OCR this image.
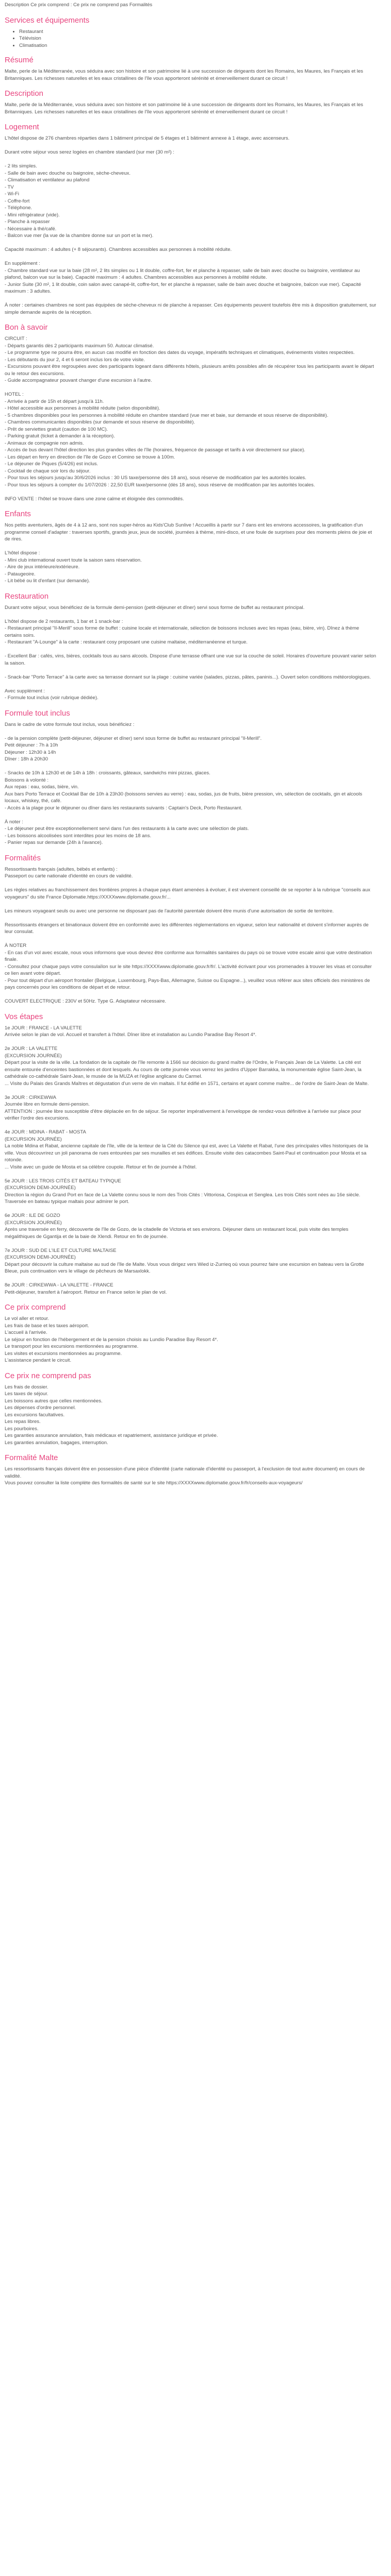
Description Ce prix comprend : Ce prix ne comprend pas Formalités

Services et équipements
• Restaurant
• Télévision
• Climatisation
Résumé

Malte, perle de la Méditerranée, vous séduira avec son histoire et son patrimoine lié à une succession de dirigeants dont les Romains, les Maures, les Français et les Britanniques. Les richesses naturelles et les eaux cristallines de l'île vous apporteront sérénité et émerveillement durant ce circuit !

Description

Malte, perle de la Méditerranée, vous séduira avec son histoire et son patrimoine lié à une succession de dirigeants dont les Romains, les Maures, les Français et les Britanniques. Les richesses naturelles et les eaux cristallines de l'île vous apporteront sérénité et émerveillement durant ce circuit !

Logement
L'hôtel dispose de 276 chambres réparties dans 1 bâtiment principal de 5 étages et 1 bâtiment annexe à 1 étage, avec ascenseurs.
Durant votre séjour vous serez logées en chambre standard (sur mer (30 m²) :
- 2 lits simples.
- Salle de bain avec douche ou baignoire, sèche-cheveux.
- Climatisation et ventilateur au plafond
- TV
- Wi-Fi
- Coffre-fort
- Téléphone.
- Mini réfrigérateur (vide).
- Planche à repasser
- Nécessaire à thé/café.
- Balcon vue mer (la vue de la chambre donne sur un port et la mer).
Capacité maximum : 4 adultes (+ 8 séjourants). Chambres accessibles aux personnes à mobilité réduite.
En supplément :
- Chambre standard vue sur la baie (28 m², 2 lits simples ou 1 lit double, coffre-fort, fer et planche à repasser, salle de bain avec douche ou baignoire, ventilateur au plafond, balcon vue sur la baie). Capacité maximum : 4 adultes. Chambres accessibles aux personnes à mobilité réduite.
- Junior Suite (30 m², 1 lit double, coin salon avec canapé-lit, coffre-fort, fer et planche à repasser, salle de bain avec douche et baignoire, balcon vue mer). Capacité maximum : 3 adultes.
À noter : certaines chambres ne sont pas équipées de sèche-cheveux ni de planche à repasser. Ces équipements peuvent toutefois être mis à disposition gratuitement, sur simple demande auprès de la réception.
Bon à savoir
CIRCUIT :
- Départs garantis dès 2 participants maximum 50. Autocar climatisé.
- Le programme type ne pourra être, en aucun cas modifié en fonction des dates du voyage, impératifs techniques et climatiques, événements visites respectées.
- Les débutants du jour 2, 4 et 6 seront inclus lors de votre visite.
- Excursions pouvant être regroupées avec des participants logeant dans différents hôtels, plusieurs arrêts possibles afin de récupérer tous les participants avant le départ ou le retour des excursions.
- Guide accompagnateur pouvant changer d'une excursion à l'autre.
HOTEL :
- Arrivée à partir de 15h et départ jusqu'à 11h.
- Hôtel accessible aux personnes à mobilité réduite (selon disponibilité).
- 5 chambres disponibles pour les personnes à mobilité réduite en chambre standard (vue mer et baie, sur demande et sous réserve de disponibilité).
- Chambres communicantes disponibles (sur demande et sous réserve de disponibilité).
- Prêt de serviettes gratuit (caution de 100 MC).
- Parking gratuit (ticket à demander à la réception).
- Animaux de compagnie non admis.
- Accès de bus devant l'hôtel direction les plus grandes villes de l'île (horaires, fréquence de passage et tarifs à voir directement sur place).
- Les départ en ferry en direction de l'île de Gozo et Comino se trouve à 100m.
- Le déjeuner de Piques (5/4/26) est inclus.
- Cocktail de chaque soir lors du séjour.
- Pour tous les séjours jusqu'au 30/6/2026 inclus : 30 US taxe/personne dès 18 ans), sous réserve de modification par les autorités locales.
- Pour tous les séjours à compter du 1/07/2026 : 22,50 EUR taxe/personne (dès 18 ans), sous réserve de modification par les autorités locales.
INFO VENTE : l'hôtel se trouve dans une zone calme et éloignée des commodités.
Enfants
Nos petits aventuriers, âgés de 4 à 12 ans, sont nos super-héros au Kids'Club Sunlive ! Accueillis à partir sur 7 dans ent les environs accessoires, la gratification d'un programme conseil d'adapter : traverses sportifs, grands jeux, jeux de société, journées à thème, mini-disco, et une foule de surprises pour des moments pleins de joie et de rires.
L'hôtel dispose :
- Mini club international ouvert toute la saison sans réservation.
- Aire de jeux intérieure/extérieure.
- Pataugeoire.
- Lit bébé ou lit d'enfant (sur demande).
Restauration
Durant votre séjour, vous bénéficiez de la formule demi-pension (petit-déjeuner et dîner) servi sous forme de buffet au restaurant principal.
L'hôtel dispose de 2 restaurants, 1 bar et 1 snack-bar :
- Restaurant principal "Il-Merill" sous forme de buffet : cuisine locale et internationale, sélection de boissons incluses avec les repas (eau, bière, vin). Dînez à thème certains soirs.
- Restaurant "A-Lounge" à la carte : restaurant cosy proposant une cuisine maltaise, méditerranéenne et turque.
- Excellent Bar : cafés, vins, bières, cocktails tous au sans alcools. Dispose d'une terrasse offrant une vue sur la couche de soleil. Horaires d'ouverture pouvant varier selon la saison.
- Snack-bar "Porto Terrace" à la carte avec sa terrasse donnant sur la plage : cuisine variée (salades, pizzas, pâtes, paninis...). Ouvert selon conditions météorologiques.
Avec supplément :
- Formule tout inclus (voir rubrique dédiée).
Formule tout inclus
Dans le cadre de votre formule tout inclus, vous bénéficiez :
- de la pension complète (petit-déjeuner, déjeuner et dîner) servi sous forme de buffet au restaurant principal "Il-Merill".
Petit déjeuner : 7h à 10h
Déjeuner : 12h30 à 14h
Dîner : 18h à 20h30
- Snacks de 10h à 12h30 et de 14h à 18h : croissants, gâteaux, sandwichs mini pizzas, glaces.
Boissons à volonté :
Aux repas : eau, sodas, bière, vin.
Aux bars Porto Terrace et Cocktail Bar de 10h à 23h30 (boissons servies au verre) : eau, sodas, jus de fruits, bière pression, vin, sélection de cocktails, gin et alcools locaux, whiskey, thé, café.
- Accès à la plage pour le déjeuner ou dîner dans les restaurants suivants : Captain's Deck, Porto Restaurant.
À noter :
- Le déjeuner peut être exceptionnellement servi dans l'un des restaurants à la carte avec une sélection de plats.
- Les boissons alcoolisées sont interdites pour les moins de 18 ans.
- Panier repas sur demande (24h à l'avance).
Formalités
Ressortissants français (adultes, bébés et enfants) :
Passeport ou carte nationale d'identité en cours de validité.
Les règles relatives au franchissement des frontières propres à chaque pays étant amenées à évoluer, il est vivement conseillé de se reporter à la rubrique "conseils aux voyageurs" du site France Diplomatie.https://XXXXwww.diplomatie.gouv.fr/...
Les mineurs voyageant seuls ou avec une personne ne disposant pas de l'autorité parentale doivent être munis d'une autorisation de sortie de territoire.
Ressortissants étrangers et binationaux doivent être en conformité avec les différentes réglementations en vigueur, selon leur nationalité et doivent s'informer auprès de leur consulat.
À NOTER
- En cas d'un vol avec escale, nous vous informons que vous devrez être conforme aux formalités sanitaires du pays où se trouve votre escale ainsi que votre destination finale.
- Consultez pour chaque pays votre consulaïlon sur le site https://XXXXwww.diplomatie.gouv.fr/fr/. L'activité écrivant pour vos promenades à trouver les visas et consulter ce lien avant votre départ.
- Pour tout départ d'un aéroport frontalier (Belgique, Luxembourg, Pays-Bas, Allemagne, Suisse ou Espagne...), veuillez vous référer aux sites officiels des ministères de pays concernés pour les conditions de départ et de retour.
COUVERT ELECTRIQUE : 230V et 50Hz. Type G. Adaptateur nécessaire.
Vos étapes
1e JOUR : FRANCE - LA VALETTE
Arrivée selon le plan de vol. Accueil et transfert à l'hôtel. Dîner libre et installation au Lundio Paradise Bay Resort 4*.
2e JOUR : LA VALETTE
(EXCURSION JOURNÉE)
Départ pour la visite de la ville. La fondation de la capitale de l'île remonte à 1566 sur décision du grand maître de l'Ordre, le Français Jean de La Valette. La cité est ensuite entourée d'enceintes bastionnées et dont lesquels. Au cours de cette journée vous verrez les jardins d'Upper Barrakka, la monumentale église Saint-Jean, la cathédrale co-cathédrale Saint-Jean, le musée de la MUZA et l'église anglicane du Carmel.
... Visite du Palais des Grands Maîtres et dégustation d'un verre de vin maltais. Il fut édifié en 1571, certains et ayant comme maître... de l'ordre de Saint-Jean de Malte.
3e JOUR : CIRKEWWA
Journée libre en formule demi-pension.
ATTENTION : journée libre susceptible d'être déplacée en fin de séjour. Se reporter impérativement à l'enveloppe de rendez-vous définitive à l'arrivée sur place pour vérifier l'ordre des excursions.
4e JOUR : MDINA - RABAT - MOSTA
(EXCURSION JOURNÉE)
La noble Mdina et Rabat, ancienne capitale de l'île, ville de la lenteur de la Cité du Silence qui est, avec La Valette et Rabat, l'une des principales villes historiques de la ville. Vous découvrirez un joli panorama de rues entourées par ses murailles et ses édifices. Ensuite visite des catacombes Saint-Paul et continuation pour Mosta et sa rotonde.
... Visite avec un guide de Mosta et sa célèbre coupole. Retour et fin de journée à l'hôtel.
5e JOUR : LES TROIS CITÉS ET BATEAU TYPIQUE
(EXCURSION DEMI-JOURNÉE)
Direction la région du Grand Port en face de La Valette connu sous le nom des Trois Cités : Vittoriosa, Cospicua et Senglea. Les trois Cités sont nées au 16e siècle. Traversée en bateau typique maltais pour admirer le port.
6e JOUR : ILE DE GOZO
(EXCURSION JOURNÉE)
Après une traversée en ferry, découverte de l'île de Gozo, de la citadelle de Victoria et ses environs. Déjeuner dans un restaurant local, puis visite des temples mégalithiques de Ggantija et de la baie de Xlendi. Retour en fin de journée.
7e JOUR : SUD DE L'ILE ET CULTURE MALTAISE
(EXCURSION DEMI-JOURNÉE)
Départ pour découvrir la culture maltaise au sud de l'île de Malte. Vous vous dirigez vers Wied iz-Zurrieq où vous pourrez faire une excursion en bateau vers la Grotte Bleue, puis continuation vers le village de pêcheurs de Marsaxlokk.
8e JOUR : CIRKEWWA - LA VALETTE - FRANCE
Petit-déjeuner, transfert à l'aéroport. Retour en France selon le plan de vol.
Ce prix comprend
Le vol aller et retour.
Les frais de base et les taxes aéroport.
L'accueil à l'arrivée.
Le séjour en fonction de l'hébergement et de la pension choisis au Lundio Paradise Bay Resort 4*.
Le transport pour les excursions mentionnées au programme.
Les visites et excursions mentionnées au programme.
L'assistance pendant le circuit.
Ce prix ne comprend pas
Les frais de dossier.
Les taxes de séjour.
Les boissons autres que celles mentionnées.
Les dépenses d'ordre personnel.
Les excursions facultatives.
Les repas libres.
Les pourboires.
Les garanties assurance annulation, frais médicaux et rapatriement, assistance juridique et privée.
Les garanties annulation, bagages, interruption.
Formalité Malte
Les ressortissants français doivent être en possession d'une pièce d'identité (carte nationale d'identité ou passeport, à l'exclusion de tout autre document) en cours de validité.
Vous pouvez consulter la liste complète des formalités de santé sur le site https://XXXXwww.diplomatie.gouv.fr/fr/conseils-aux-voyageurs/
